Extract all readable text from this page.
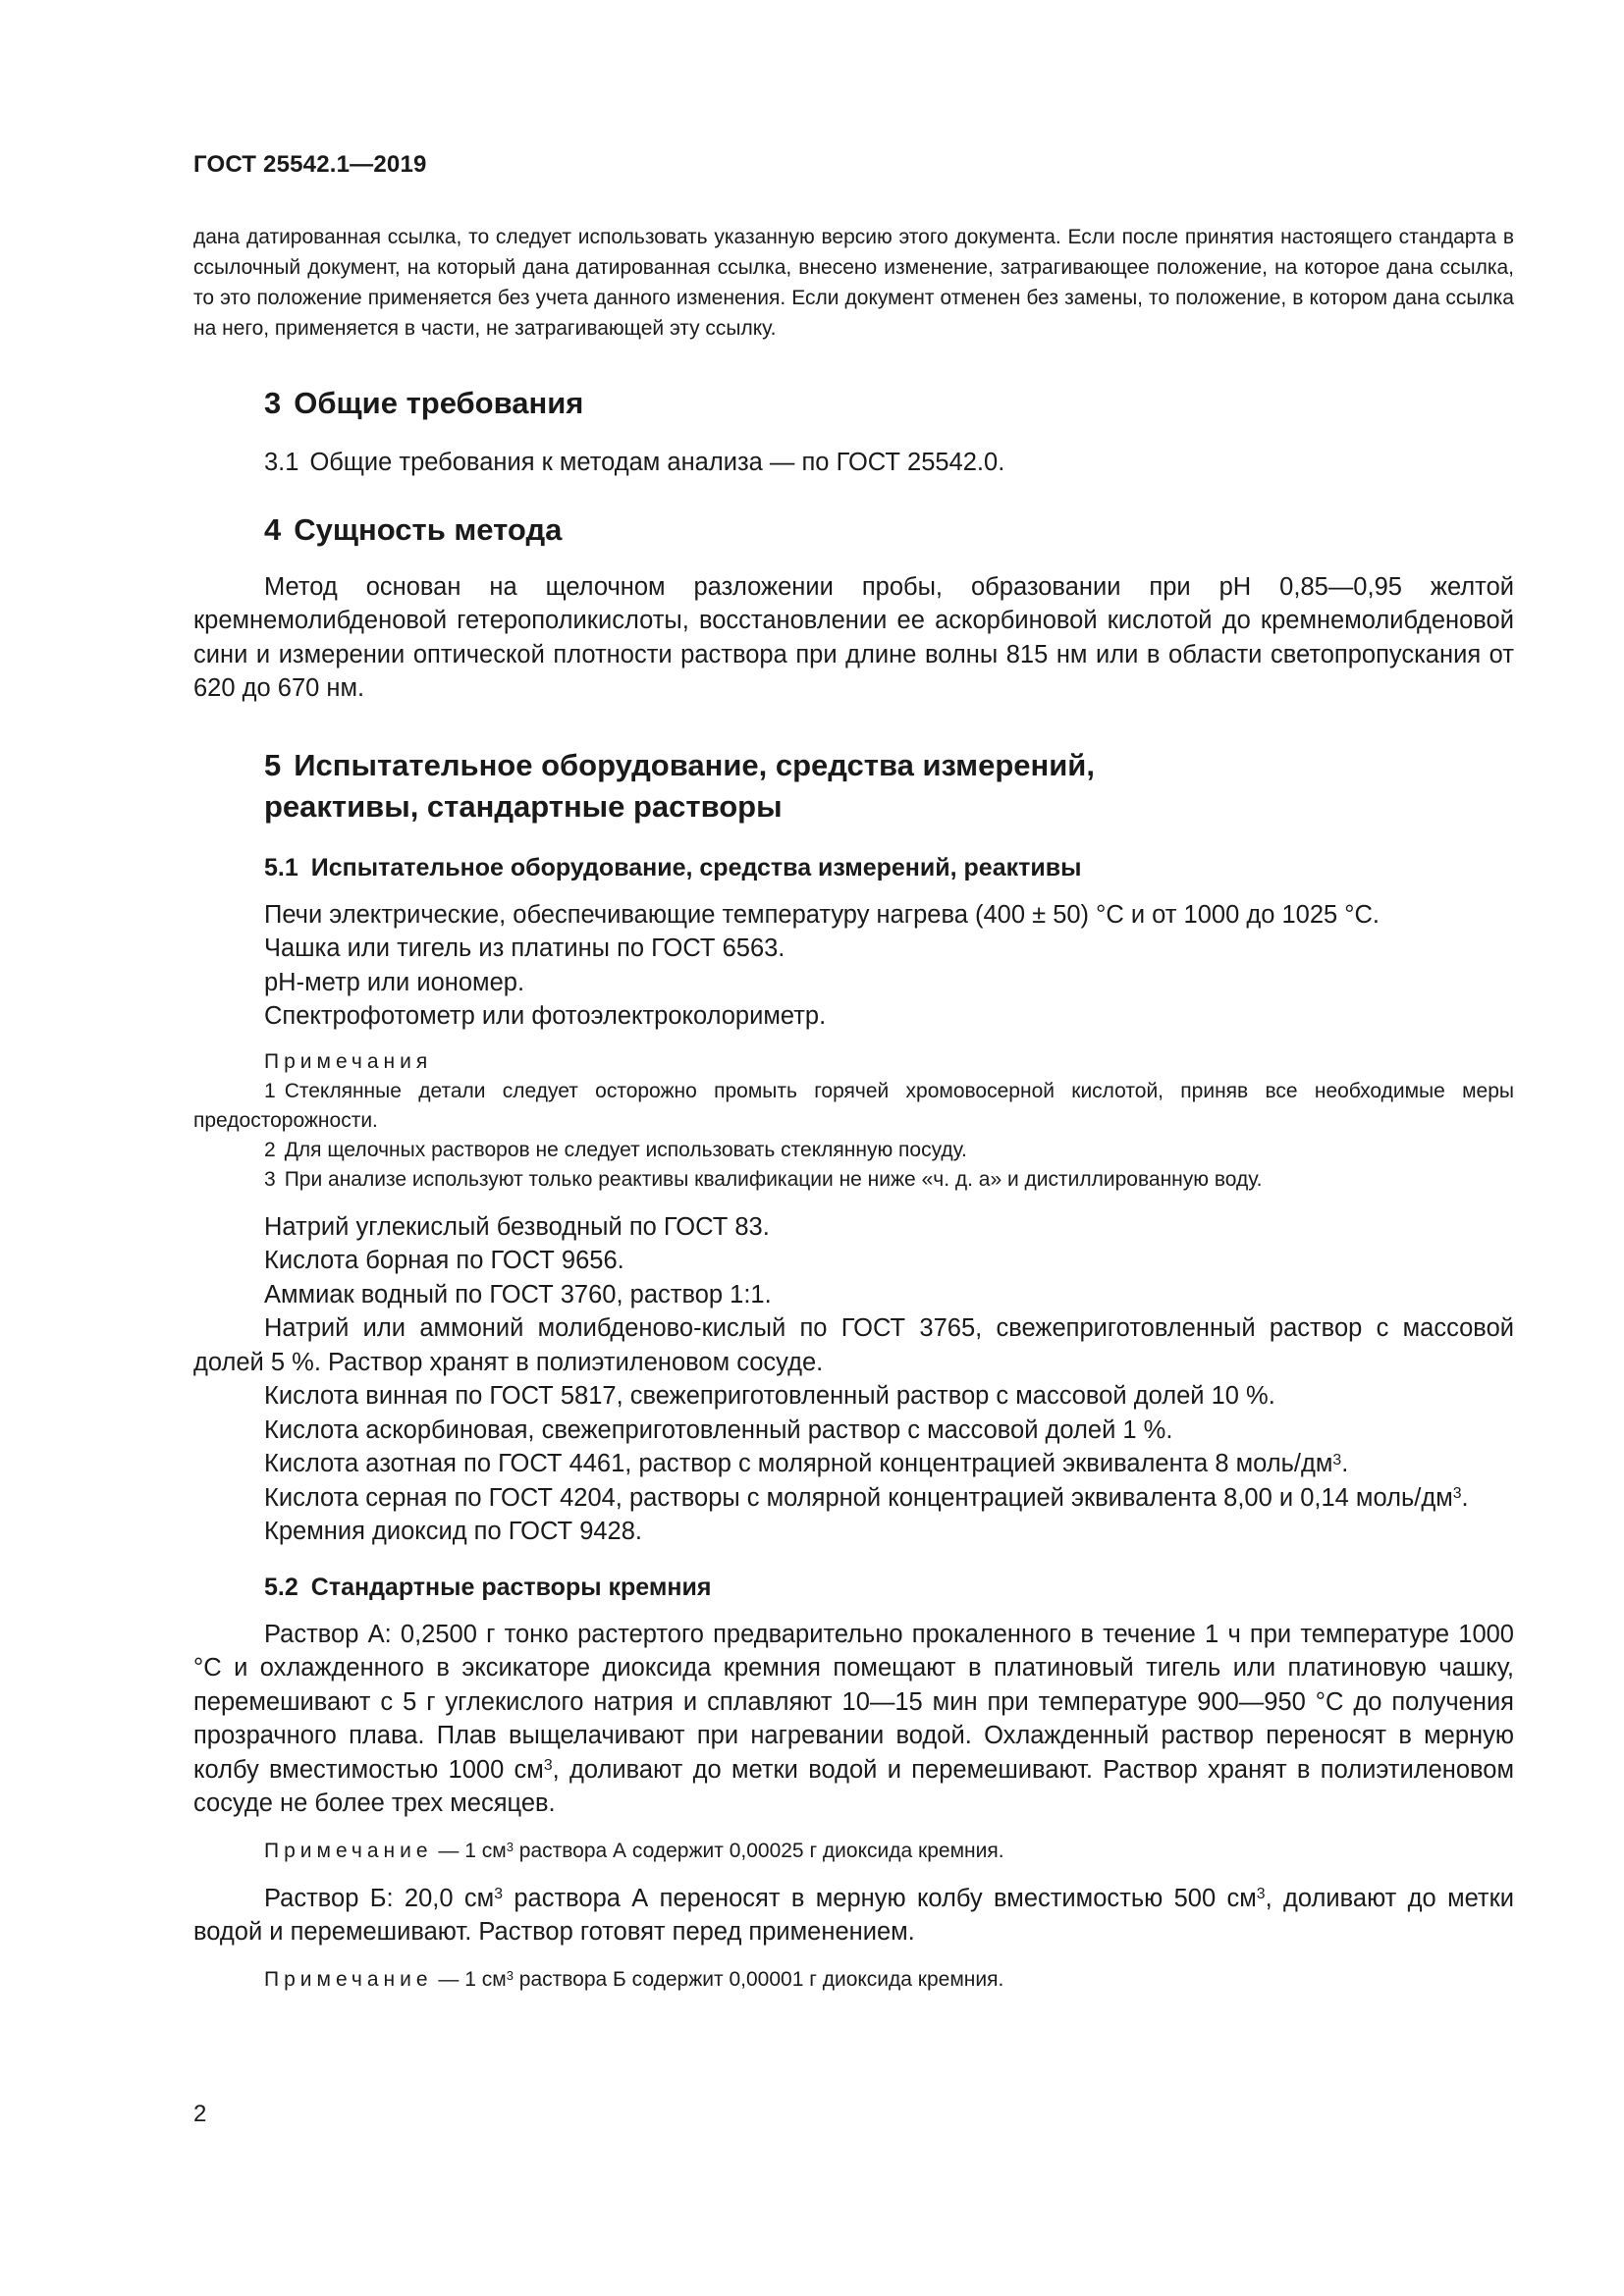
ГОСТ 25542.1—2019

дана датированная ссылка, то следует использовать указанную версию этого документа. Если после принятия настоящего стандарта в ссылочный документ, на который дана датированная ссылка, внесено изменение, затрагивающее положение, на которое дана ссылка, то это положение применяется без учета данного изменения. Если документ отменен без замены, то положение, в котором дана ссылка на него, применяется в части, не затрагивающей эту ссылку.

3 Общие требования

3.1 Общие требования к методам анализа — по ГОСТ 25542.0.

4 Сущность метода

Метод основан на щелочном разложении пробы, образовании при pH 0,85—0,95 желтой кремнемолибденовой гетерополикислоты, восстановлении ее аскорбиновой кислотой до кремнемолибденовой сини и измерении оптической плотности раствора при длине волны 815 нм или в области светопропускания от 620 до 670 нм.

5 Испытательное оборудование, средства измерений,
реактивы, стандартные растворы
5.1 Испытательное оборудование, средства измерений, реактивы

Печи электрические, обеспечивающие температуру нагрева (400 ± 50) °С и от 1000 до 1025 °С.

Чашка или тигель из платины по ГОСТ 6563.

pH-метр или иономер.

Спектрофотометр или фотоэлектроколориметр.

Примечания

1 Стеклянные детали следует осторожно промыть горячей хромовосерной кислотой, приняв все необходимые меры предосторожности.

2 Для щелочных растворов не следует использовать стеклянную посуду.

3 При анализе используют только реактивы квалификации не ниже «ч. д. а» и дистиллированную воду.

Натрий углекислый безводный по ГОСТ 83.

Кислота борная по ГОСТ 9656.

Аммиак водный по ГОСТ 3760, раствор 1:1.

Натрий или аммоний молибденово-кислый по ГОСТ 3765, свежеприготовленный раствор с массовой долей 5 %. Раствор хранят в полиэтиленовом сосуде.

Кислота винная по ГОСТ 5817, свежеприготовленный раствор с массовой долей 10 %.

Кислота аскорбиновая, свежеприготовленный раствор с массовой долей 1 %.

Кислота азотная по ГОСТ 4461, раствор с молярной концентрацией эквивалента 8 моль/$дм^3$.

Кислота серная по ГОСТ 4204, растворы с молярной концентрацией эквивалента 8,00 и 0,14 моль/$дм^3$.

Кремния диоксид по ГОСТ 9428.

5.2 Стандартные растворы кремния

Раствор А: 0,2500 г тонко растертого предварительно прокаленного в течение 1 ч при температуре 1000 °С и охлажденного в эксикаторе диоксида кремния помещают в платиновый тигель или платиновую чашку, перемешивают с 5 г углекислого натрия и сплавляют 10—15 мин при температуре 900—950 °С до получения прозрачного плава. Плав выщелачивают при нагревании водой. Охлажденный раствор переносят в мерную колбу вместимостью 1000 $см^3$, доливают до метки водой и перемешивают. Раствор хранят в полиэтиленовом сосуде не более трех месяцев.

Примечание — 1 $см^3$ раствора А содержит 0,00025 г диоксида кремния.

Раствор Б: 20,0 $см^3$ раствора А переносят в мерную колбу вместимостью 500 $см^3$, доливают до метки водой и перемешивают. Раствор готовят перед применением.

Примечание — 1 $см^3$ раствора Б содержит 0,00001 г диоксида кремния.

2
